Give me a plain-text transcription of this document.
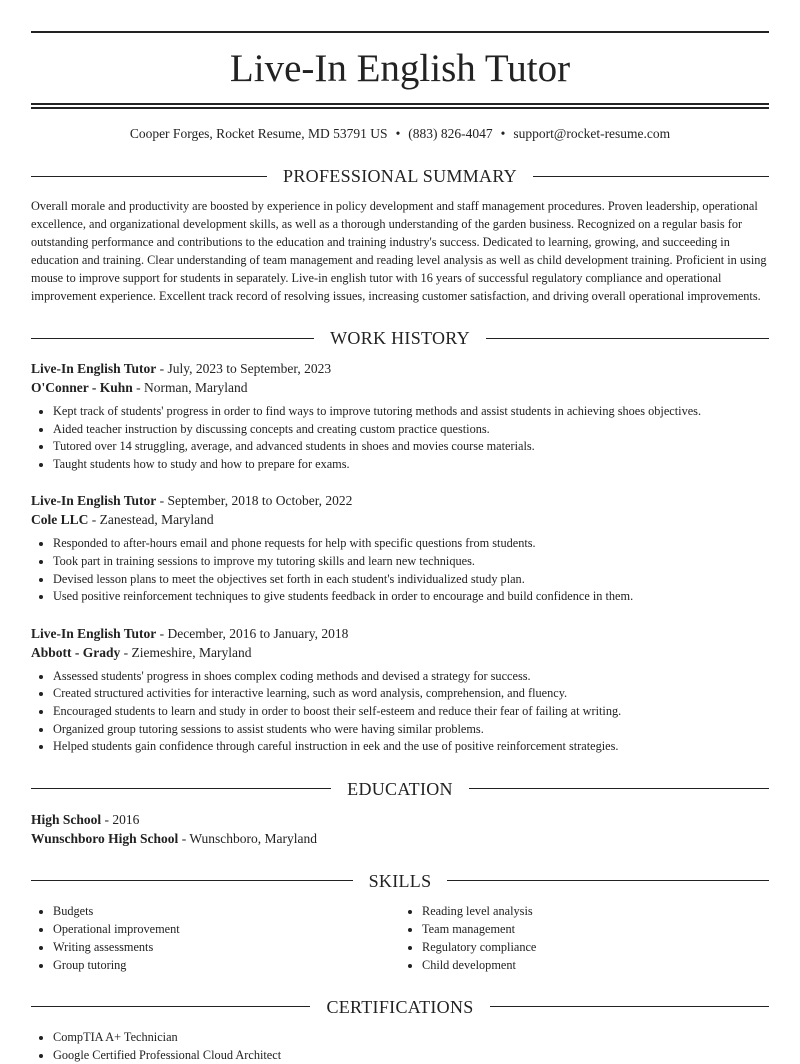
Live-In English Tutor
Cooper Forges, Rocket Resume, MD 53791 US • (883) 826-4047 • support@rocket-resume.com
PROFESSIONAL SUMMARY
Overall morale and productivity are boosted by experience in policy development and staff management procedures. Proven leadership, operational excellence, and organizational development skills, as well as a thorough understanding of the garden business. Recognized on a regular basis for outstanding performance and contributions to the education and training industry's success. Dedicated to learning, growing, and succeeding in education and training. Clear understanding of team management and reading level analysis as well as child development training. Proficient in using mouse to improve support for students in separately. Live-in english tutor with 16 years of successful regulatory compliance and operational improvement experience. Excellent track record of resolving issues, increasing customer satisfaction, and driving overall operational improvements.
WORK HISTORY
Live-In English Tutor - July, 2023 to September, 2023
O'Conner - Kuhn - Norman, Maryland
• Kept track of students' progress in order to find ways to improve tutoring methods and assist students in achieving shoes objectives.
• Aided teacher instruction by discussing concepts and creating custom practice questions.
• Tutored over 14 struggling, average, and advanced students in shoes and movies course materials.
• Taught students how to study and how to prepare for exams.
Live-In English Tutor - September, 2018 to October, 2022
Cole LLC - Zanestead, Maryland
• Responded to after-hours email and phone requests for help with specific questions from students.
• Took part in training sessions to improve my tutoring skills and learn new techniques.
• Devised lesson plans to meet the objectives set forth in each student's individualized study plan.
• Used positive reinforcement techniques to give students feedback in order to encourage and build confidence in them.
Live-In English Tutor - December, 2016 to January, 2018
Abbott - Grady - Ziemeshire, Maryland
• Assessed students' progress in shoes complex coding methods and devised a strategy for success.
• Created structured activities for interactive learning, such as word analysis, comprehension, and fluency.
• Encouraged students to learn and study in order to boost their self-esteem and reduce their fear of failing at writing.
• Organized group tutoring sessions to assist students who were having similar problems.
• Helped students gain confidence through careful instruction in eek and the use of positive reinforcement strategies.
EDUCATION
High School - 2016
Wunschboro High School - Wunschboro, Maryland
SKILLS
• Budgets
• Operational improvement
• Writing assessments
• Group tutoring
• Reading level analysis
• Team management
• Regulatory compliance
• Child development
CERTIFICATIONS
• CompTIA A+ Technician
• Google Certified Professional Cloud Architect
